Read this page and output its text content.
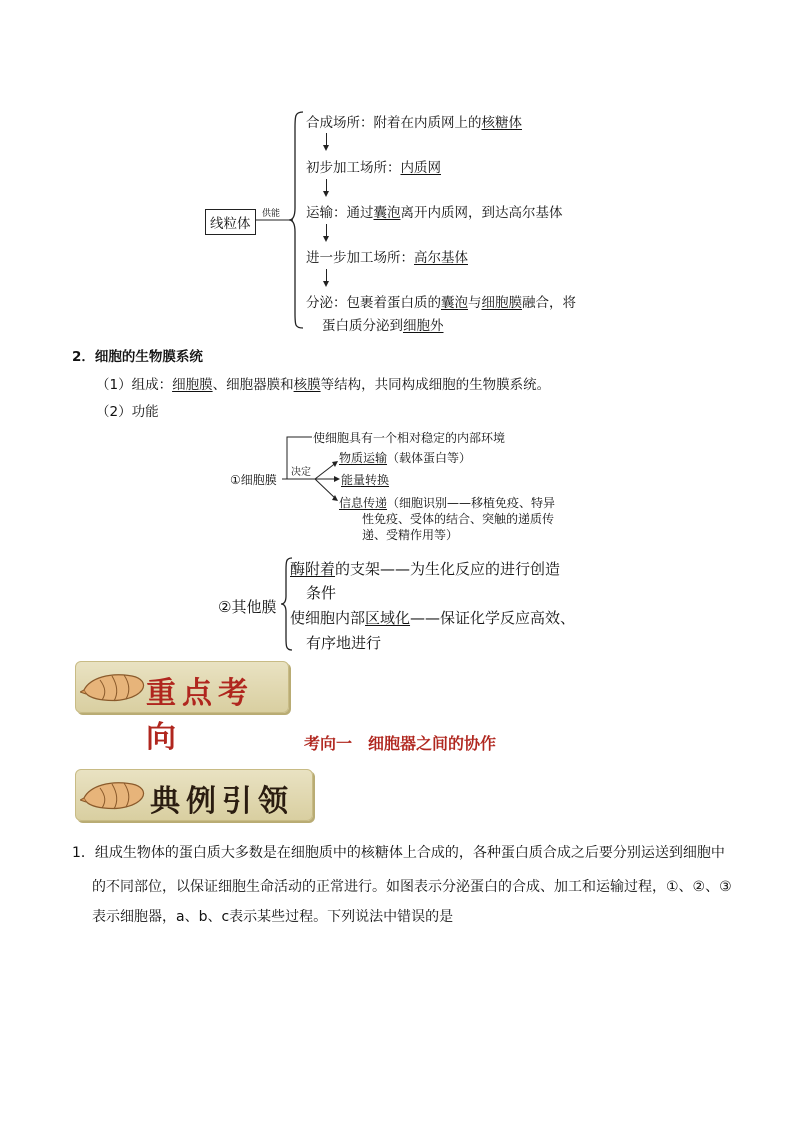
线粒体
供能
合成场所：附着在内质网上的核糖体
初步加工场所：内质网
运输：通过囊泡离开内质网，到达高尔基体
进一步加工场所：高尔基体
分泌：包裹着蛋白质的囊泡与细胞膜融合，将
蛋白质分泌到细胞外
2．细胞的生物膜系统
（1）组成：细胞膜、细胞器膜和核膜等结构，共同构成细胞的生物膜系统。
（2）功能
①细胞膜
决定
使细胞具有一个相对稳定的内部环境
物质运输（载体蛋白等）
能量转换
信息传递（细胞识别——移植免疫、特异
性免疫、受体的结合、突触的递质传
递、受精作用等）
②其他膜
酶附着的支架——为生化反应的进行创造
条件
使细胞内部区域化——保证化学反应高效、
有序地进行
重点考向	考向一　细胞器之间的协作
典例引领
1．组成生物体的蛋白质大多数是在细胞质中的核糖体上合成的，各种蛋白质合成之后要分别运送到细胞中
的不同部位，以保证细胞生命活动的正常进行。如图表示分泌蛋白的合成、加工和运输过程，①、②、③
表示细胞器，a、b、c表示某些过程。下列说法中错误的是
